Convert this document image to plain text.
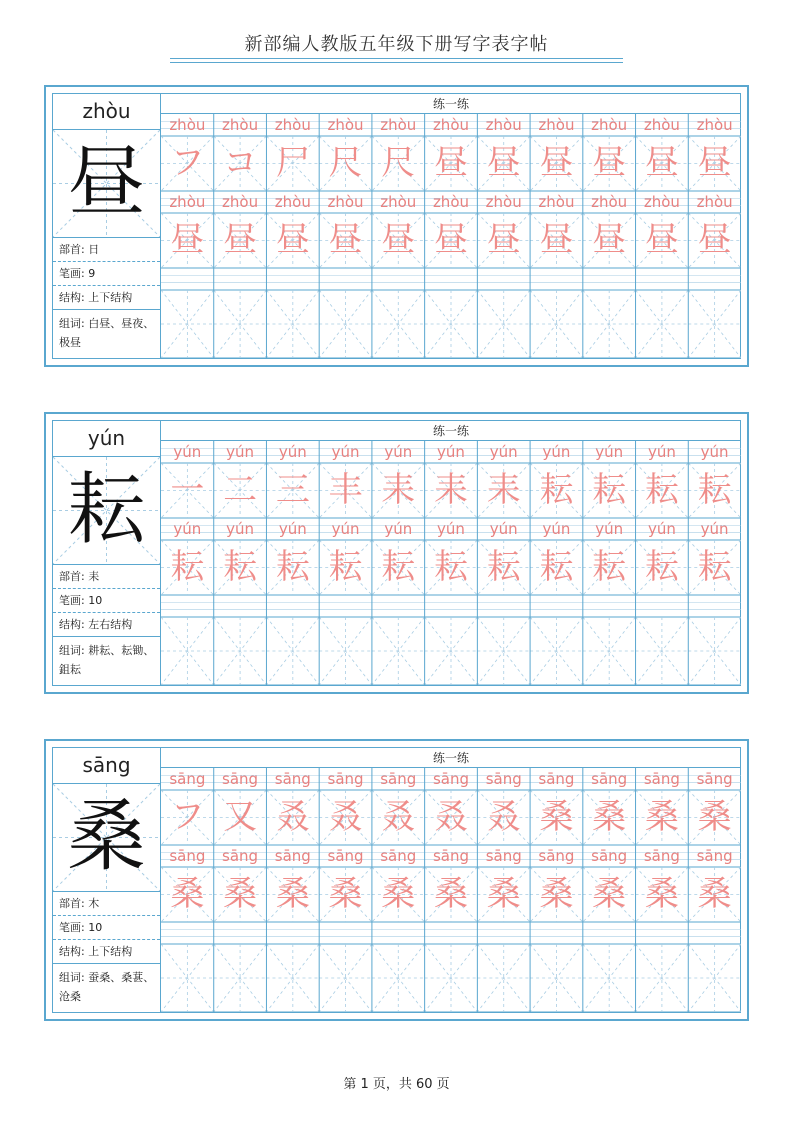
新部编人教版五年级下册写字表字帖
zhòu
昼
部首: 日
笔画: 9
结构: 上下结构
组词: 白昼、昼夜、极昼
练一练
zhòu	zhòu	zhòu	zhòu	zhòu	zhòu	zhòu	zhòu	zhòu	zhòu	zhòu
フ コ 尸 尺 尺 昼 昼 昼 昼 昼 昼
zhòu	zhòu	zhòu	zhòu	zhòu	zhòu	zhòu	zhòu	zhòu	zhòu	zhòu
昼 昼 昼 昼 昼 昼 昼 昼 昼 昼 昼
yún
耘
部首: 耒
笔画: 10
结构: 左右结构
组词: 耕耘、耘锄、鉏耘
练一练
yún	yún	yún	yún	yún	yún	yún	yún	yún	yún	yún
一 二 三 丰 耒 耒 耒 耘 耘 耘 耘
yún	yún	yún	yún	yún	yún	yún	yún	yún	yún	yún
耘 耘 耘 耘 耘 耘 耘 耘 耘 耘 耘
sāng
桑
部首: 木
笔画: 10
结构: 上下结构
组词: 蚕桑、桑葚、沧桑
练一练
sāng	sāng	sāng	sāng	sāng	sāng	sāng	sāng	sāng	sāng	sāng
フ 又 叒 叒 叒 叒 叒 桑 桑 桑 桑
sāng	sāng	sāng	sāng	sāng	sāng	sāng	sāng	sāng	sāng	sāng
桑 桑 桑 桑 桑 桑 桑 桑 桑 桑 桑
第 1 页，共 60 页
